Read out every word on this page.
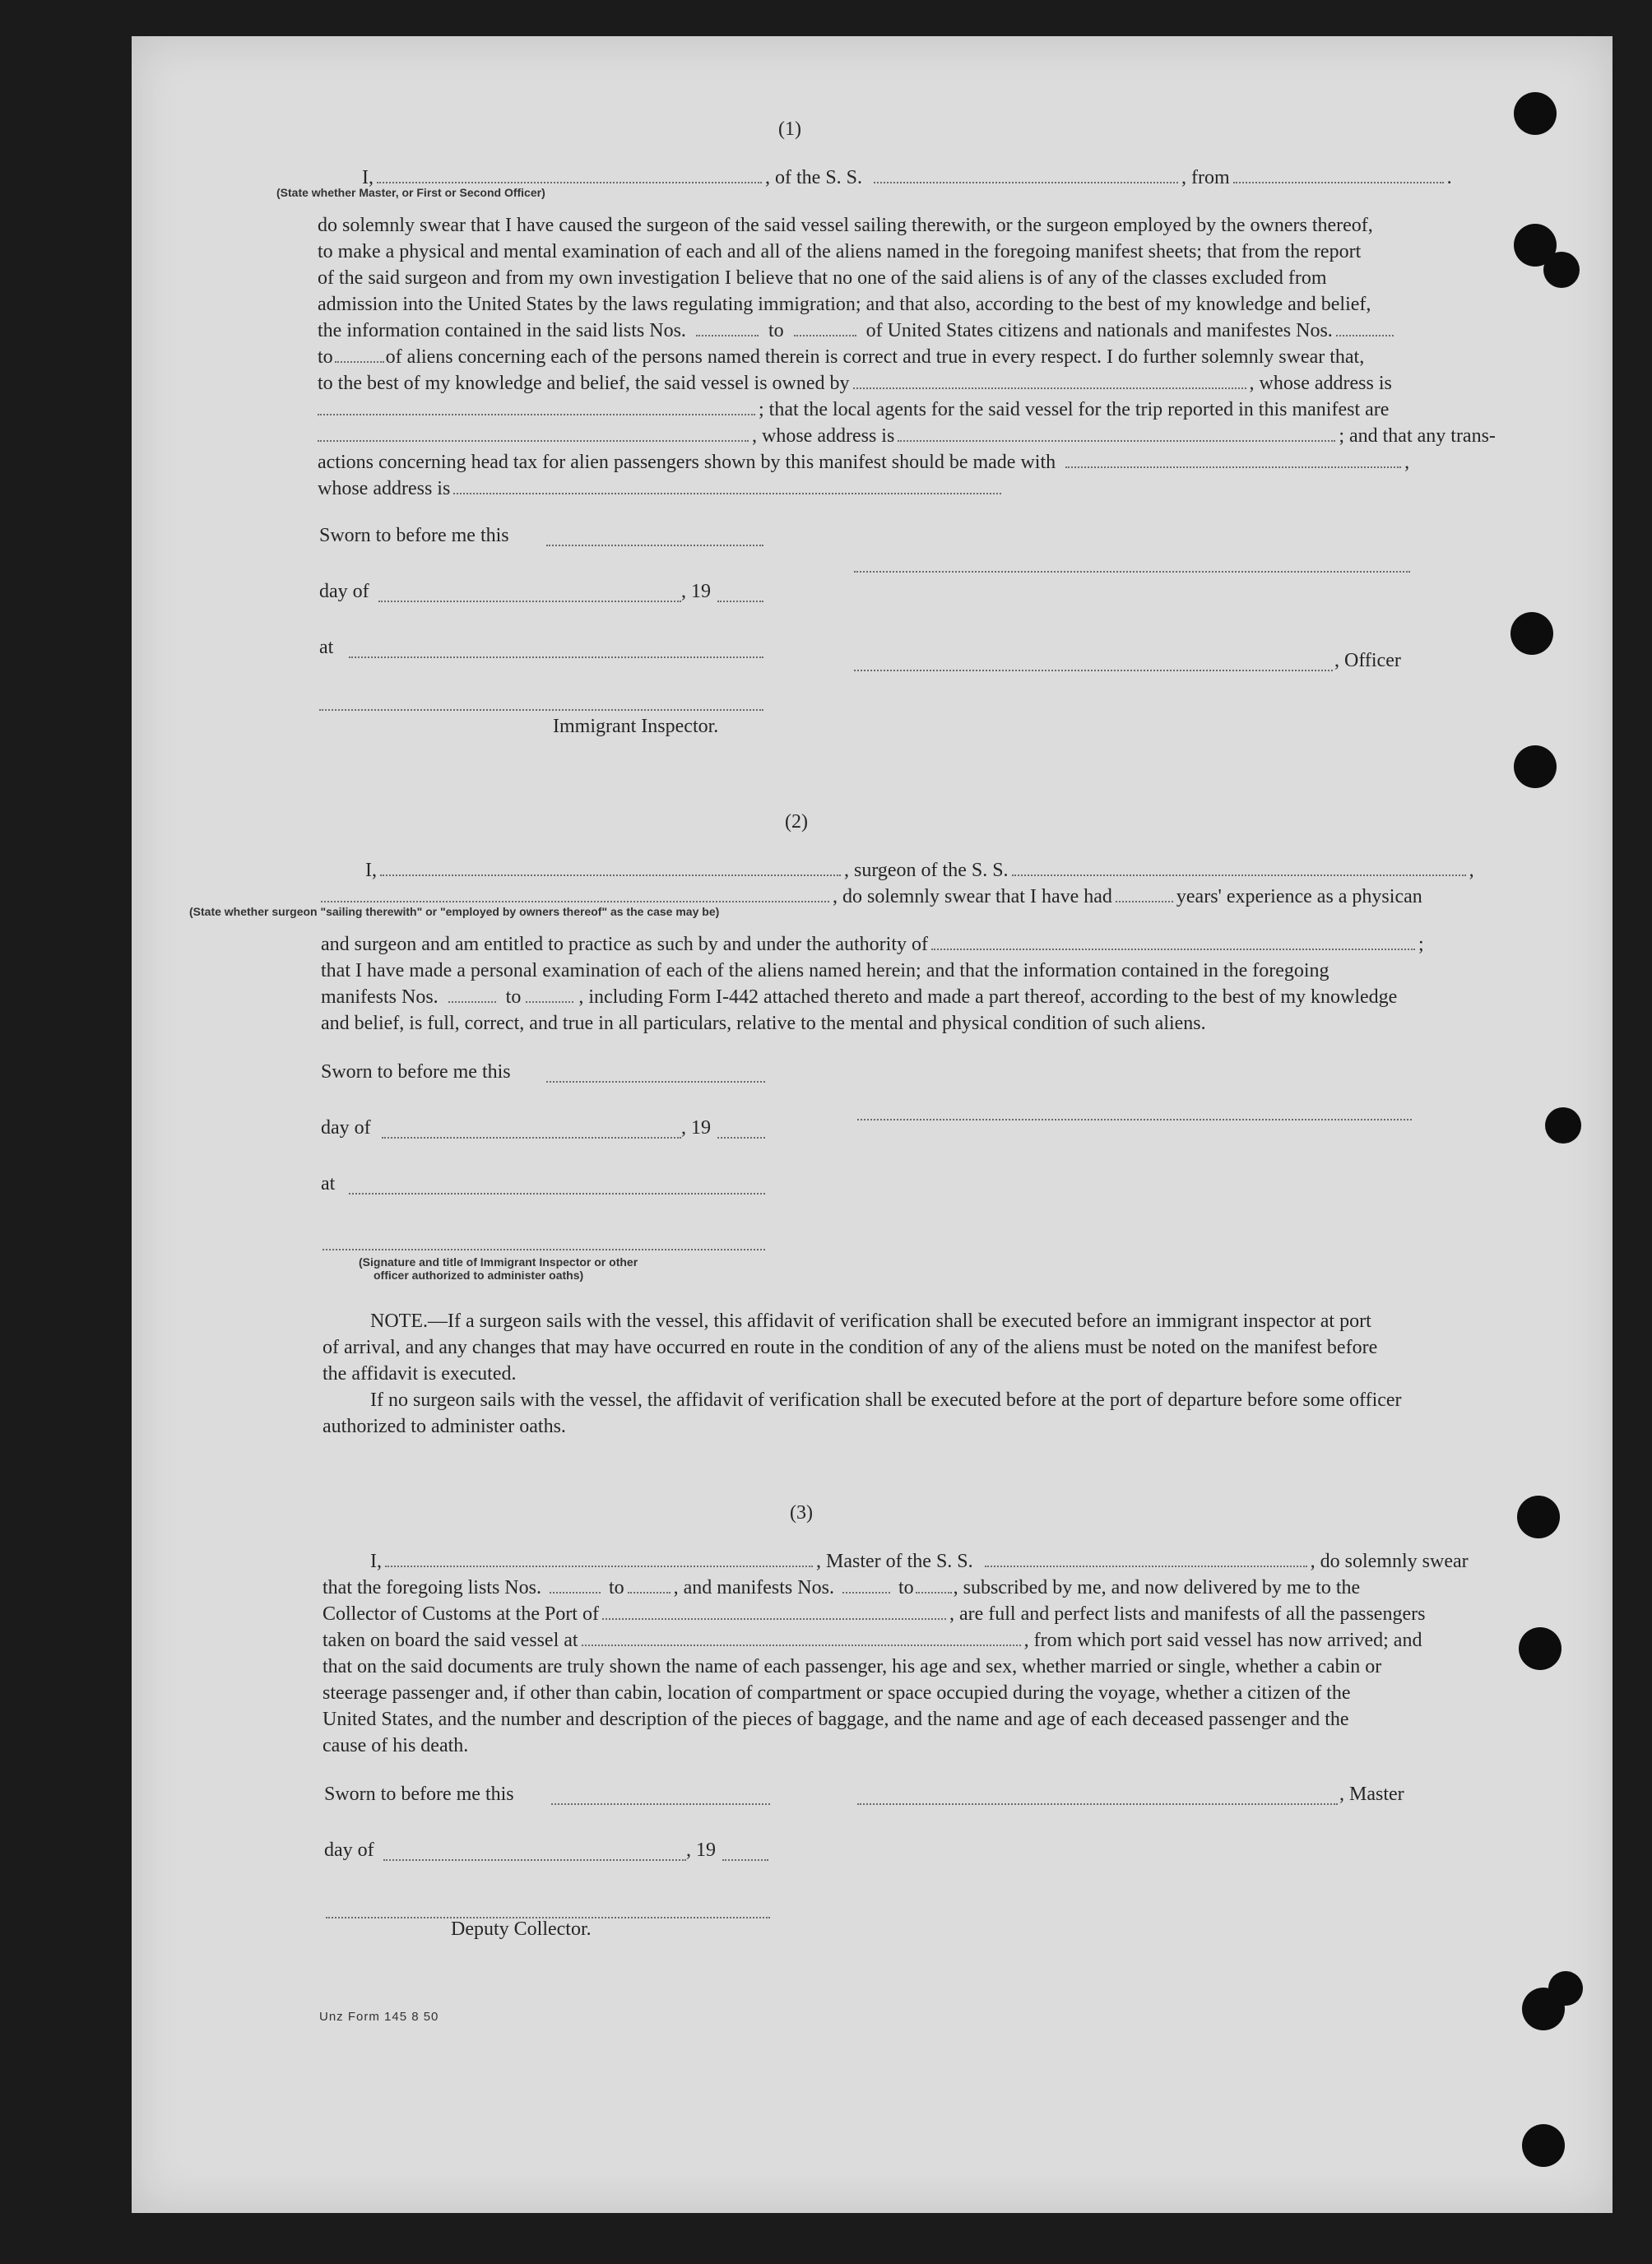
(1)
I,	, of the S. S.	, from	.
(State whether Master, or First or Second Officer)
do solemnly swear that I have caused the surgeon of the said vessel sailing therewith, or the surgeon employed by the owners thereof,
to make a physical and mental examination of each and all of the aliens named in the foregoing manifest sheets; that from the report
of the said surgeon and from my own investigation I believe that no one of the said aliens is of any of the classes excluded from
admission into the United States by the laws regulating immigration; and that also, according to the best of my knowledge and belief,
the information contained in the said lists Nos.	to	of United States citizens and nationals and manifestes Nos.
to	of aliens concerning each of the persons named therein is correct and true in every respect. I do further solemnly swear that,
to the best of my knowledge and belief, the said vessel is owned by	, whose address is
; that the local agents for the said vessel for the trip reported in this manifest are
, whose address is	; and that any trans-
actions concerning head tax for alien passengers shown by this manifest should be made with	,
whose address is
Sworn to before me this
day of	, 19
at
, Officer
Immigrant Inspector.
(2)
I,	, surgeon of the S. S.	,
, do solemnly swear that I have had	years' experience as a physican
(State whether surgeon "sailing therewith" or "employed by owners thereof" as the case may be)
and surgeon and am entitled to practice as such by and under the authority of	;
that I have made a personal examination of each of the aliens named herein; and that the information contained in the foregoing
manifests Nos.	to	, including Form I-442 attached thereto and made a part thereof, according to the best of my knowledge
and belief, is full, correct, and true in all particulars, relative to the mental and physical condition of such aliens.
Sworn to before me this
day of	, 19
at
(Signature and title of Immigrant Inspector or other
officer authorized to administer oaths)
NOTE.—If a surgeon sails with the vessel, this affidavit of verification shall be executed before an immigrant inspector at port
of arrival, and any changes that may have occurred en route in the condition of any of the aliens must be noted on the manifest before
the affidavit is executed.
If no surgeon sails with the vessel, the affidavit of verification shall be executed before at the port of departure before some officer
authorized to administer oaths.
(3)
I,	, Master of the S. S.	, do solemnly swear
that the foregoing lists Nos.	to	, and manifests Nos.	to , subscribed by me, and now delivered by me to the
Collector of Customs at the Port of	, are full and perfect lists and manifests of all the passengers
taken on board the said vessel at	, from which port said vessel has now arrived; and
that on the said documents are truly shown the name of each passenger, his age and sex, whether married or single, whether a cabin or
steerage passenger and, if other than cabin, location of compartment or space occupied during the voyage, whether a citizen of the
United States, and the number and description of the pieces of baggage, and the name and age of each deceased passenger and the
cause of his death.
Sworn to before me this	, Master
day of	, 19
Deputy Collector.
Unz Form 145 8 50
